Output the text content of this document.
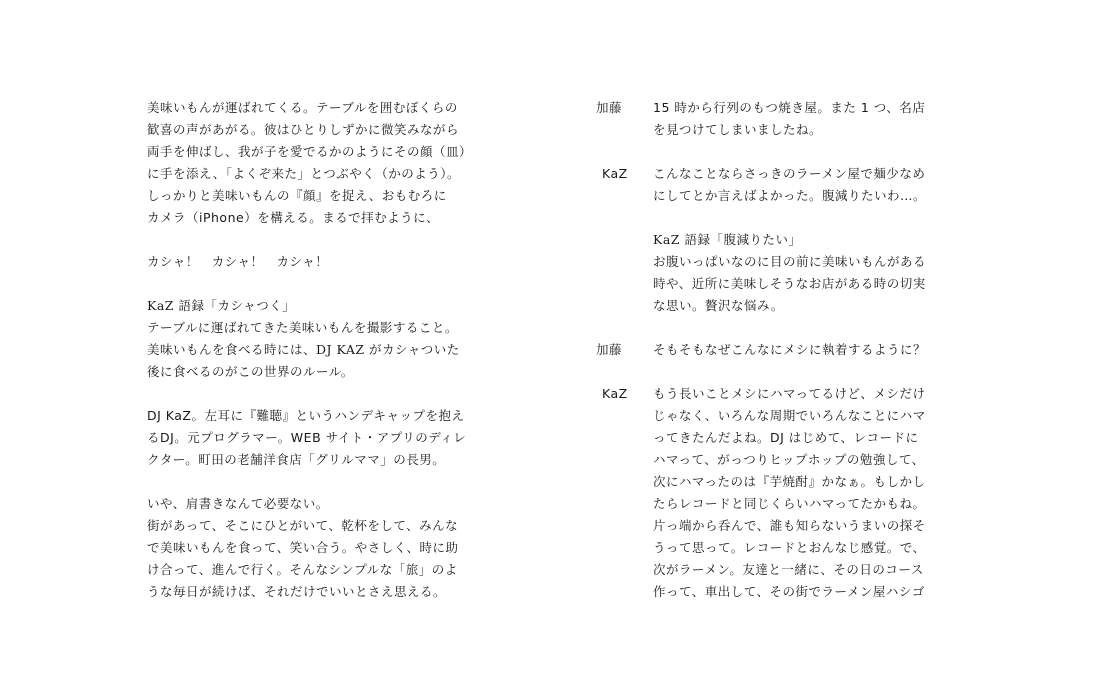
美味いもんが運ばれてくる。テーブルを囲むぼくらの
歓喜の声があがる。彼はひとりしずかに微笑みながら
両手を伸ばし、我が子を愛でるかのようにその顔（皿）
に手を添え、「よくぞ来た」とつぶやく（かのよう）。
しっかりと美味いもんの『顔』を捉え、おもむろに
カメラ（iPhone）を構える。まるで拝むように、
カシャ！　カシャ！　カシャ！
KaZ 語録「カシャつく」
テーブルに運ばれてきた美味いもんを撮影すること。
美味いもんを食べる時には、DJ KAZ がカシャついた
後に食べるのがこの世界のルール。
DJ KaZ。左耳に『難聴』というハンデキャップを抱え
るDJ。元プログラマー。WEB サイト・アプリのディレ
クター。町田の老舗洋食店「グリルママ」の長男。
いや、肩書きなんて必要ない。
街があって、そこにひとがいて、乾杯をして、みんな
で美味いもんを食って、笑い合う。やさしく、時に助
け合って、進んで行く。そんなシンプルな「旅」のよ
うな毎日が続けば、それだけでいいとさえ思える。
加藤	15 時から行列のもつ焼き屋。また 1 つ、名店
を見つけてしまいましたね。
KaZ	こんなことならさっきのラーメン屋で麺少なめ
にしてとか言えばよかった。腹減りたいわ…。
KaZ 語録「腹減りたい」
お腹いっぱいなのに目の前に美味いもんがある
時や、近所に美味しそうなお店がある時の切実
な思い。贅沢な悩み。
加藤	そもそもなぜこんなにメシに執着するように？
KaZ	もう長いことメシにハマってるけど、メシだけ
じゃなく、いろんな周期でいろんなことにハマ
ってきたんだよね。DJ はじめて、レコードに
ハマって、がっつりヒップホップの勉強して、
次にハマったのは『芋焼酎』かなぁ。もしかし
たらレコードと同じくらいハマってたかもね。
片っ端から呑んで、誰も知らないうまいの探そ
うって思って。レコードとおんなじ感覚。で、
次がラーメン。友達と一緒に、その日のコース
作って、車出して、その街でラーメン屋ハシゴ
